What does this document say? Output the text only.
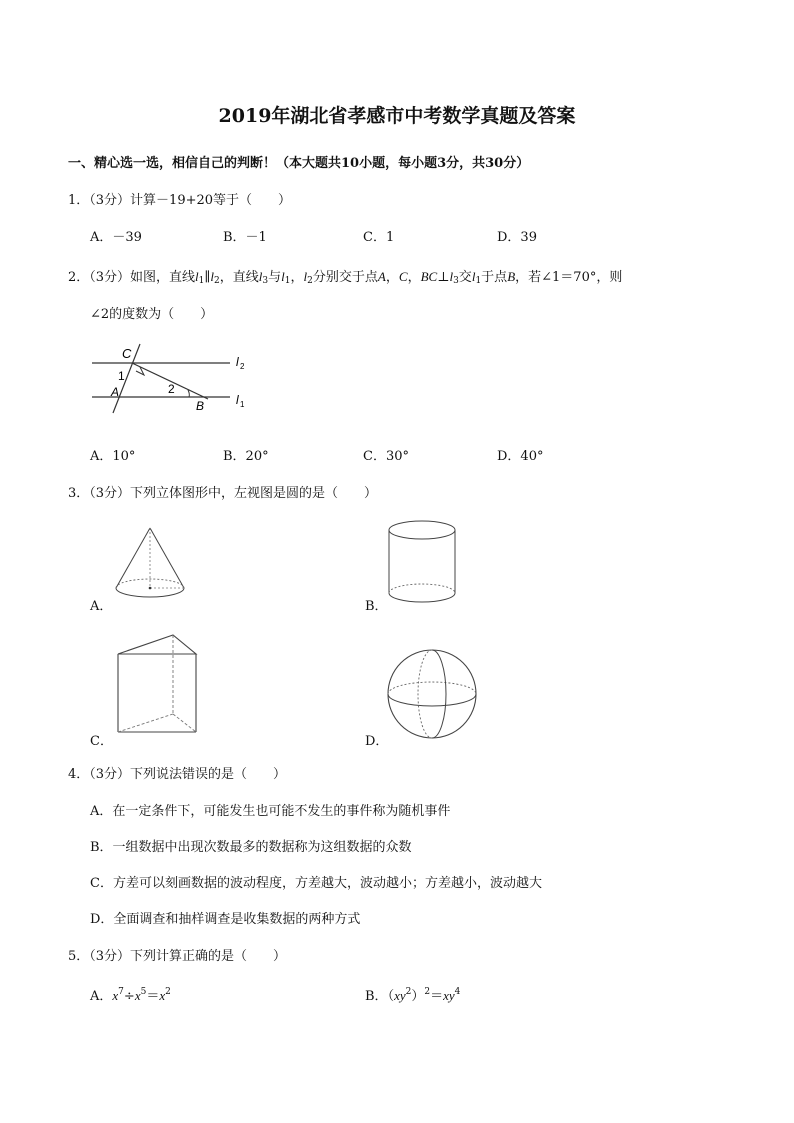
2019年湖北省孝感市中考数学真题及答案
一、精心选一选，相信自己的判断！（本大题共10小题，每小题3分，共30分）
1．（3分）计算－19+20等于（　　）
A．－39	B．－1	C．1	D．39
2．（3分）如图，直线$l_1\parallel l_2$，直线$l_3$与$l_1$，$l_2$分别交于点A，C，$BC\perp l_3$交$l_1$于点B，若∠1＝70°，则
∠2的度数为（　　）
C
1
A	2
B
l 2
l 1
A．10°	B．20°	C．30°	D．40°
3．（3分）下列立体图形中，左视图是圆的是（　　）
A．	B．
C．	D．
4．（3分）下列说法错误的是（　　）
A．在一定条件下，可能发生也可能不发生的事件称为随机事件
B．一组数据中出现次数最多的数据称为这组数据的众数
C．方差可以刻画数据的波动程度，方差越大，波动越小；方差越小，波动越大
D．全面调查和抽样调查是收集数据的两种方式
5．（3分）下列计算正确的是（　　）
A．$x^7\div x^5=x^2$	B．$(xy^2)^2=xy^4$
